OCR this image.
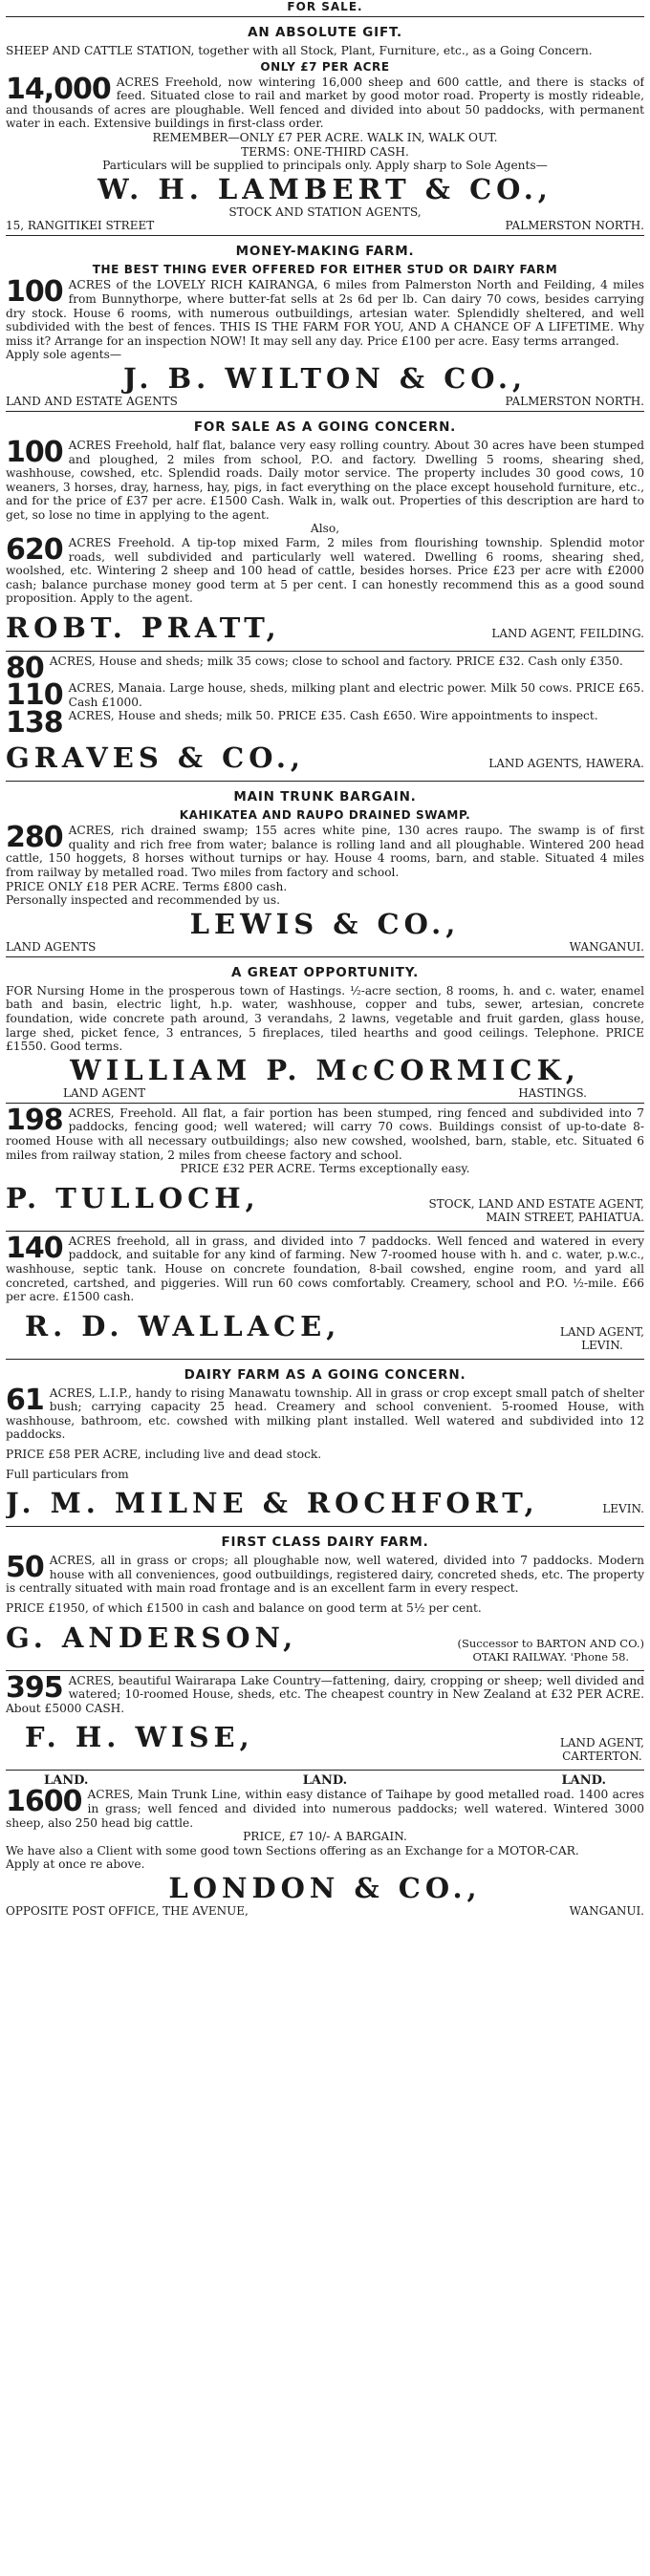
FOR SALE.
AN ABSOLUTE GIFT.

SHEEP AND CATTLE STATION, together with all Stock, Plant, Furniture, etc., as a Going Concern.

ONLY £7 PER ACRE

14,000 ACRES Freehold, now wintering 16,000 sheep and 600 cattle, and there is stacks of feed. Situated close to rail and market by good motor road. Property is mostly rideable, and thousands of acres are ploughable. Well fenced and divided into about 50 paddocks, with permanent water in each. Extensive buildings in first-class order.

REMEMBER—ONLY £7 PER ACRE. WALK IN, WALK OUT.

TERMS: ONE-THIRD CASH.

Particulars will be supplied to principals only. Apply sharp to Sole Agents—

W. H. LAMBERT & CO.,

STOCK AND STATION AGENTS,

15, RANGITIKEI STREET	PALMERSTON NORTH.
MONEY-MAKING FARM.
THE BEST THING EVER OFFERED FOR EITHER STUD OR DAIRY FARM

100 ACRES of the LOVELY RICH KAIRANGA, 6 miles from Palmerston North and Feilding, 4 miles from Bunnythorpe, where butter-fat sells at 2s 6d per lb. Can dairy 70 cows, besides carrying dry stock. House 6 rooms, with numerous outbuildings, artesian water. Splendidly sheltered, and well subdivided with the best of fences. THIS IS THE FARM FOR YOU, AND A CHANCE OF A LIFETIME. Why miss it? Arrange for an inspection NOW! It may sell any day. Price £100 per acre. Easy terms arranged.

Apply sole agents—

J. B. WILTON & CO.,
LAND AND ESTATE AGENTS	PALMERSTON NORTH.
FOR SALE AS A GOING CONCERN.

100 ACRES Freehold, half flat, balance very easy rolling country. About 30 acres have been stumped and ploughed, 2 miles from school, P.O. and factory. Dwelling 5 rooms, shearing shed, washhouse, cowshed, etc. Splendid roads. Daily motor service. The property includes 30 good cows, 10 weaners, 3 horses, dray, harness, hay, pigs, in fact everything on the place except household furniture, etc., and for the price of £37 per acre. £1500 Cash. Walk in, walk out. Properties of this description are hard to get, so lose no time in applying to the agent.

Also,

620 ACRES Freehold. A tip-top mixed Farm, 2 miles from flourishing township. Splendid motor roads, well subdivided and particularly well watered. Dwelling 6 rooms, shearing shed, woolshed, etc. Wintering 2 sheep and 100 head of cattle, besides horses. Price £23 per acre with £2000 cash; balance purchase money good term at 5 per cent. I can honestly recommend this as a good sound proposition. Apply to the agent.

ROBT. PRATT,	LAND AGENT, FEILDING.

80 ACRES, House and sheds; milk 35 cows; close to school and factory. PRICE £32. Cash only £350.

110 ACRES, Manaia. Large house, sheds, milking plant and electric power. Milk 50 cows. PRICE £65. Cash £1000.

138 ACRES, House and sheds; milk 50. PRICE £35. Cash £650. Wire appointments to inspect.

GRAVES & CO.,	LAND AGENTS, HAWERA.
MAIN TRUNK BARGAIN.
KAHIKATEA AND RAUPO DRAINED SWAMP.

280 ACRES, rich drained swamp; 155 acres white pine, 130 acres raupo. The swamp is of first quality and rich free from water; balance is rolling land and all ploughable. Wintered 200 head cattle, 150 hoggets, 8 horses without turnips or hay. House 4 rooms, barn, and stable. Situated 4 miles from railway by metalled road. Two miles from factory and school.

PRICE ONLY £18 PER ACRE. Terms £800 cash.

Personally inspected and recommended by us.

LEWIS & CO.,
LAND AGENTS	WANGANUI.
A GREAT OPPORTUNITY.

FOR Nursing Home in the prosperous town of Hastings. ½-acre section, 8 rooms, h. and c. water, enamel bath and basin, electric light, h.p. water, washhouse, copper and tubs, sewer, artesian, concrete foundation, wide concrete path around, 3 verandahs, 2 lawns, vegetable and fruit garden, glass house, large shed, picket fence, 3 entrances, 5 fireplaces, tiled hearths and good ceilings. Telephone. PRICE £1550. Good terms.

WILLIAM P. McCORMICK,
LAND AGENT	HASTINGS.

198 ACRES, Freehold. All flat, a fair portion has been stumped, ring fenced and subdivided into 7 paddocks, fencing good; well watered; will carry 70 cows. Buildings consist of up-to-date 8-roomed House with all necessary outbuildings; also new cowshed, woolshed, barn, stable, etc. Situated 6 miles from railway station, 2 miles from cheese factory and school.

PRICE £32 PER ACRE. Terms exceptionally easy.

P. TULLOCH,	STOCK, LAND AND ESTATE AGENT,
MAIN STREET, PAHIATUA.

140 ACRES freehold, all in grass, and divided into 7 paddocks. Well fenced and watered in every paddock, and suitable for any kind of farming. New 7-roomed house with h. and c. water, p.w.c., washhouse, septic tank. House on concrete foundation, 8-bail cowshed, engine room, and yard all concreted, cartshed, and piggeries. Will run 60 cows comfortably. Creamery, school and P.O. ½-mile. £66 per acre. £1500 cash.

R. D. WALLACE,	LAND AGENT,
LEVIN.
DAIRY FARM AS A GOING CONCERN.

61 ACRES, L.I.P., handy to rising Manawatu township. All in grass or crop except small patch of shelter bush; carrying capacity 25 head. Creamery and school convenient. 5-roomed House, with washhouse, bathroom, etc. cowshed with milking plant installed. Well watered and subdivided into 12 paddocks.

PRICE £58 PER ACRE, including live and dead stock.

Full particulars from

J. M. MILNE & ROCHFORT,	LEVIN.
FIRST CLASS DAIRY FARM.

50 ACRES, all in grass or crops; all ploughable now, well watered, divided into 7 paddocks. Modern house with all conveniences, good outbuildings, registered dairy, concreted sheds, etc. The property is centrally situated with main road frontage and is an excellent farm in every respect.

PRICE £1950, of which £1500 in cash and balance on good term at 5½ per cent.

G. ANDERSON,	(Successor to BARTON AND CO.)
OTAKI RAILWAY. 'Phone 58.

395 ACRES, beautiful Wairarapa Lake Country—fattening, dairy, cropping or sheep; well divided and watered; 10-roomed House, sheds, etc. The cheapest country in New Zealand at £32 PER ACRE. About £5000 CASH.

F. H. WISE,	LAND AGENT,
CARTERTON.
LAND.	LAND.	LAND.

1600 ACRES, Main Trunk Line, within easy distance of Taihape by good metalled road. 1400 acres in grass; well fenced and divided into numerous paddocks; well watered. Wintered 3000 sheep, also 250 head big cattle.

PRICE, £7 10/- A BARGAIN.

We have also a Client with some good town Sections offering as an Exchange for a MOTOR-CAR.

Apply at once re above.

LONDON & CO.,
OPPOSITE POST OFFICE, THE AVENUE,	WANGANUI.
